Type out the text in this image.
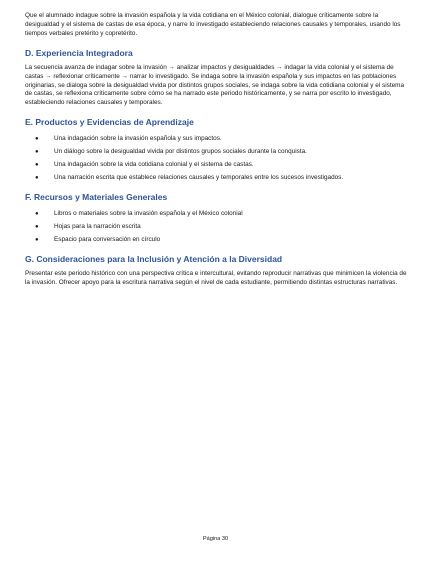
Que el alumnado indague sobre la invasión española y la vida cotidiana en el México colonial, dialogue críticamente sobre la desigualdad y el sistema de castas de esa época, y narre lo investigado estableciendo relaciones causales y temporales, usando los tiempos verbales pretérito y copretérito.

D. Experiencia Integradora

La secuencia avanza de indagar sobre la invasión → analizar impactos y desigualdades → indagar la vida colonial y el sistema de castas → reflexionar críticamente → narrar lo investigado. Se indaga sobre la invasión española y sus impactos en las poblaciones originarias, se dialoga sobre la desigualdad vivida por distintos grupos sociales, se indaga sobre la vida cotidiana colonial y el sistema de castas, se reflexiona críticamente sobre cómo se ha narrado este periodo históricamente, y se narra por escrito lo investigado, estableciendo relaciones causales y temporales.

E. Productos y Evidencias de Aprendizaje
● Una indagación sobre la invasión española y sus impactos.
● Un diálogo sobre la desigualdad vivida por distintos grupos sociales durante la conquista.
● Una indagación sobre la vida cotidiana colonial y el sistema de castas.
● Una narración escrita que establece relaciones causales y temporales entre los sucesos investigados.
F. Recursos y Materiales Generales
● Libros o materiales sobre la invasión española y el México colonial
● Hojas para la narración escrita
● Espacio para conversación en círculo
G. Consideraciones para la Inclusión y Atención a la Diversidad

Presentar este periodo histórico con una perspectiva crítica e intercultural, evitando reproducir narrativas que minimicen la violencia de la invasión. Ofrecer apoyo para la escritura narrativa según el nivel de cada estudiante, permitiendo distintas estructuras narrativas.

Página 30
